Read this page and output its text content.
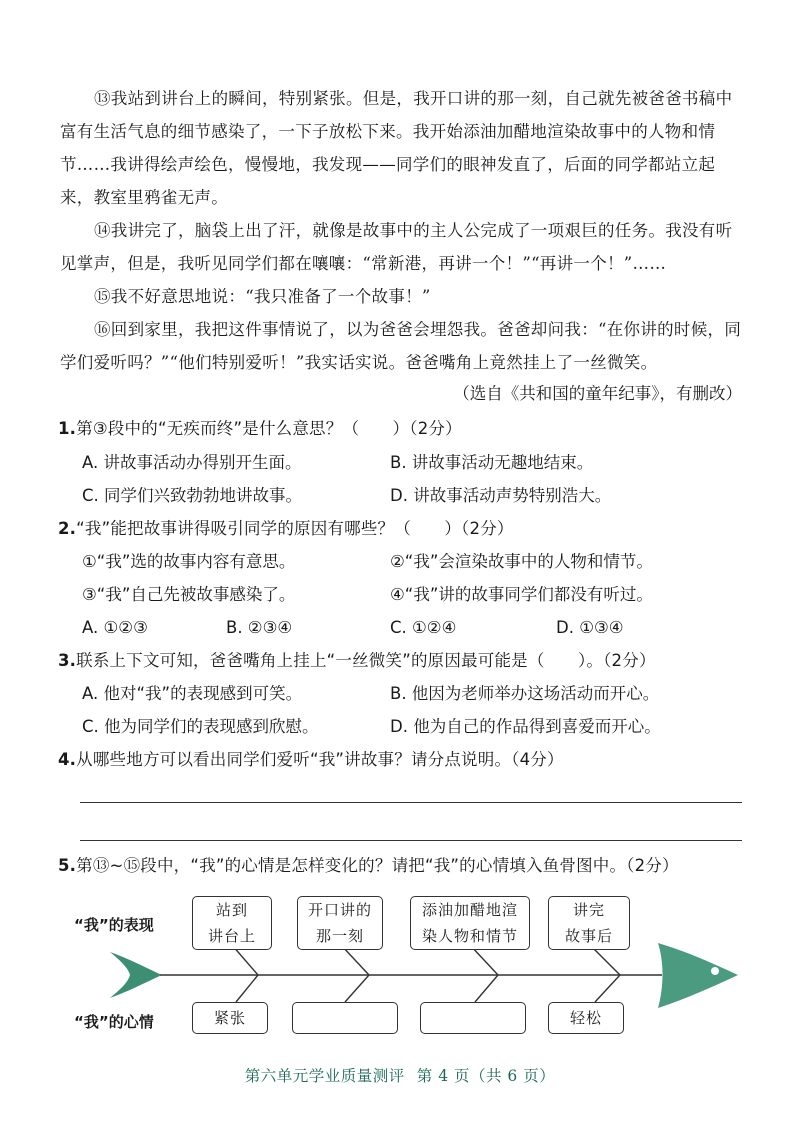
⑬我站到讲台上的瞬间，特别紧张。但是，我开口讲的那一刻，自己就先被爸爸书稿中富有生活气息的细节感染了，一下子放松下来。我开始添油加醋地渲染故事中的人物和情节……我讲得绘声绘色，慢慢地，我发现——同学们的眼神发直了，后面的同学都站立起来，教室里鸦雀无声。
⑭我讲完了，脑袋上出了汗，就像是故事中的主人公完成了一项艰巨的任务。我没有听见掌声，但是，我听见同学们都在嚷嚷：“常新港，再讲一个！”“再讲一个！”……
⑮我不好意思地说：“我只准备了一个故事！”
⑯回到家里，我把这件事情说了，以为爸爸会埋怨我。爸爸却问我：“在你讲的时候，同学们爱听吗？”“他们特别爱听！”我实话实说。爸爸嘴角上竟然挂上了一丝微笑。
（选自《共和国的童年纪事》，有删改）
1.第③段中的“无疾而终”是什么意思？（　　）（2分）
A. 讲故事活动办得别开生面。	B. 讲故事活动无趣地结束。
C. 同学们兴致勃勃地讲故事。	D. 讲故事活动声势特别浩大。
2.“我”能把故事讲得吸引同学的原因有哪些？（　　）（2分）
①“我”选的故事内容有意思。	②“我”会渲染故事中的人物和情节。
③“我”自己先被故事感染了。	④“我”讲的故事同学们都没有听过。
A. ①②③	B. ②③④	C. ①②④	D. ①③④
3.联系上下文可知，爸爸嘴角上挂上“一丝微笑”的原因最可能是（　　）。（2分）
A. 他对“我”的表现感到可笑。	B. 他因为老师举办这场活动而开心。
C. 他为同学们的表现感到欣慰。	D. 他为自己的作品得到喜爱而开心。
4.从哪些地方可以看出同学们爱听“我”讲故事？请分点说明。（4分）
5.第⑬~⑮段中，“我”的心情是怎样变化的？请把“我”的心情填入鱼骨图中。（2分）
“我”的表现
“我”的心情
站到
讲台上
开口讲的
那一刻
添油加醋地渲
染人物和情节
讲完
故事后
紧张	轻松
第六单元学业质量测评 第 4 页（共 6 页）
